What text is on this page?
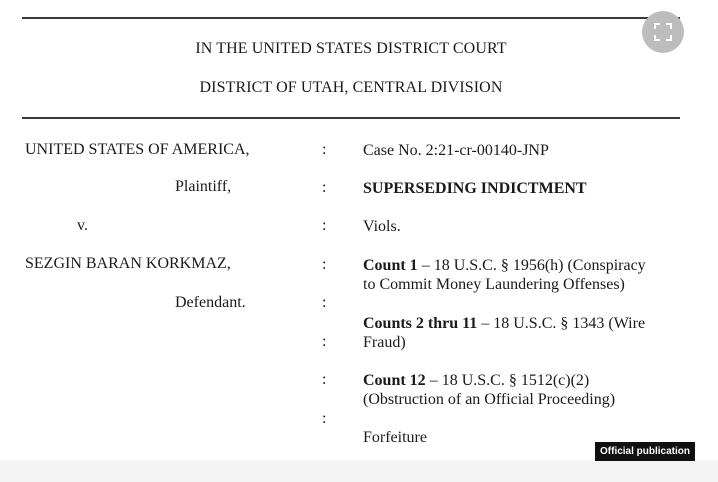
IN THE UNITED STATES DISTRICT COURT
DISTRICT OF UTAH, CENTRAL DIVISION
UNITED STATES OF AMERICA,
Plaintiff,
v.
SEZGIN BARAN KORKMAZ,
Defendant.
:
:
:
:
:
:
:
:
Case No. 2:21-cr-00140-JNP
SUPERSEDING INDICTMENT
Viols.
Count 1 – 18 U.S.C. § 1956(h) (Conspiracy
to Commit Money Laundering Offenses)
Counts 2 thru 11 – 18 U.S.C. § 1343 (Wire
Fraud)
Count 12 – 18 U.S.C. § 1512(c)(2)
(Obstruction of an Official Proceeding)
Forfeiture
Official publication
